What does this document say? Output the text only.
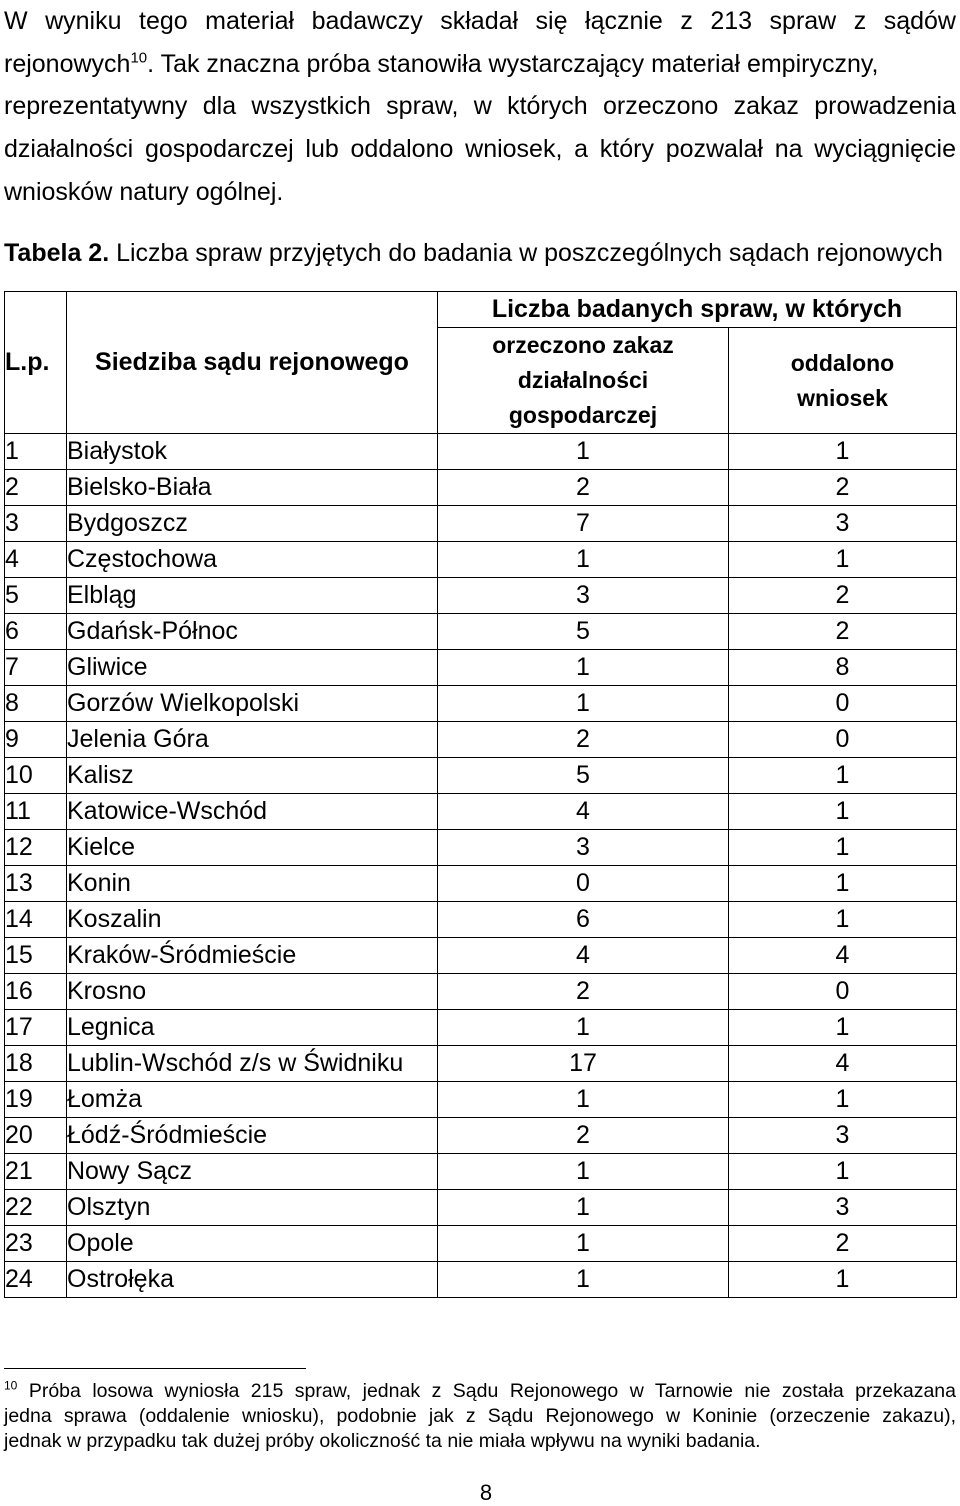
W wyniku tego materiał badawczy składał się łącznie z 213 spraw z sądów
rejonowych$^{10}$. Tak znaczna próba stanowiła wystarczający materiał empiryczny,
reprezentatywny dla wszystkich spraw, w których orzeczono zakaz prowadzenia
działalności gospodarczej lub oddalono wniosek, a który pozwalał na wyciągnięcie
wniosków natury ogólnej.
Tabela 2. Liczba spraw przyjętych do badania w poszczególnych sądach rejonowych
L.p.	Siedziba sądu rejonowego	Liczba badanych spraw, w których	
		orzeczono zakaz
działalności
gospodarczej	oddalono
wniosek
1	Białystok	1	1
2	Bielsko-Biała	2	2
3	Bydgoszcz	7	3
4	Częstochowa	1	1
5	Elbląg	3	2
6	Gdańsk-Północ	5	2
7	Gliwice	1	8
8	Gorzów Wielkopolski	1	0
9	Jelenia Góra	2	0
10	Kalisz	5	1
11	Katowice-Wschód	4	1
12	Kielce	3	1
13	Konin	0	1
14	Koszalin	6	1
15	Kraków-Śródmieście	4	4
16	Krosno	2	0
17	Legnica	1	1
18	Lublin-Wschód z/s w Świdniku	17	4
19	Łomża	1	1
20	Łódź-Śródmieście	2	3
21	Nowy Sącz	1	1
22	Olsztyn	1	3
23	Opole	1	2
24	Ostrołęka	1	1
$^{10}$ Próba losowa wyniosła 215 spraw, jednak z Sądu Rejonowego w Tarnowie nie została przekazana
jedna sprawa (oddalenie wniosku), podobnie jak z Sądu Rejonowego w Koninie (orzeczenie zakazu),
jednak w przypadku tak dużej próby okoliczność ta nie miała wpływu na wyniki badania.
8
